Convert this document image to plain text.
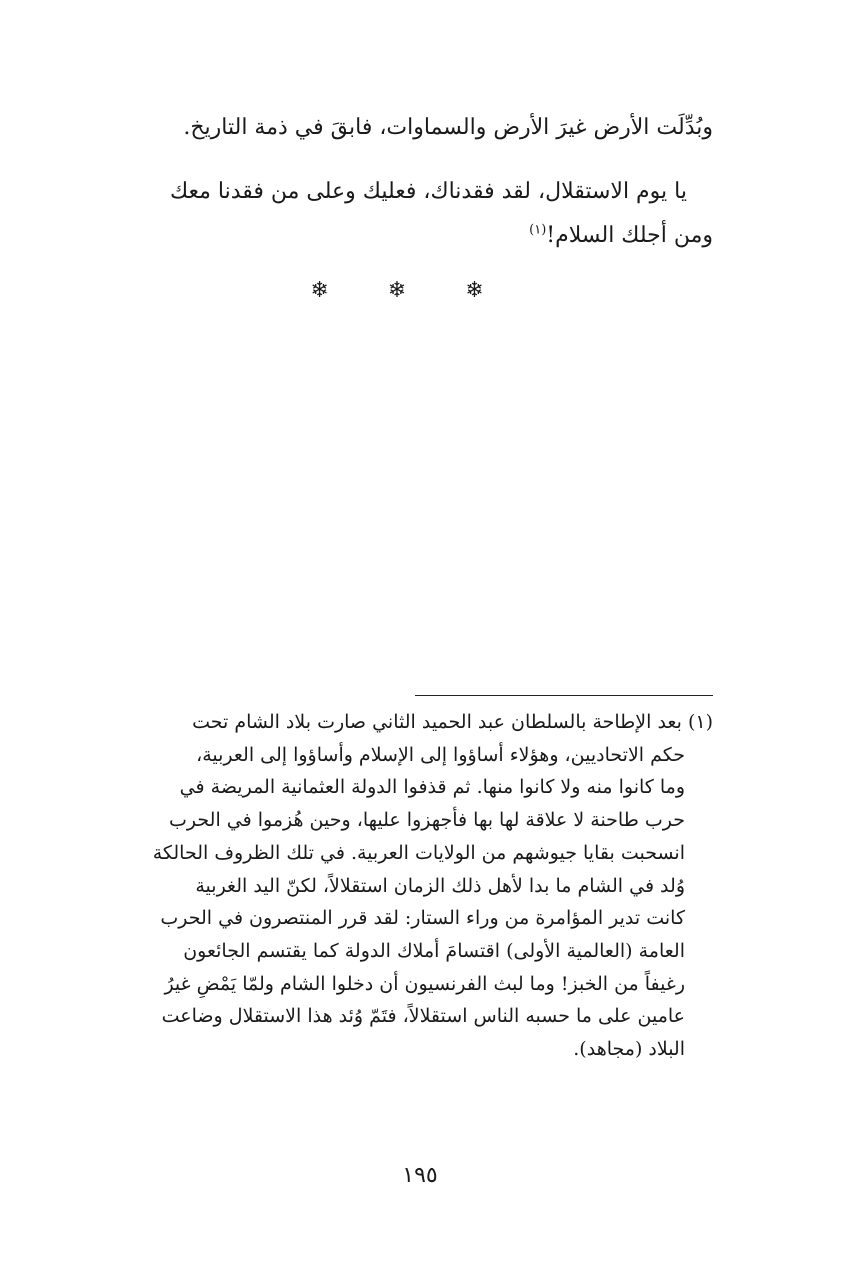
وبُدِّلَت الأرض غيرَ الأرض والسماوات، فابقَ في ذمة التاريخ.

يا يوم الاستقلال، لقد فقدناك، فعليك وعلى من فقدنا معك
ومن أجلك السلام!$^{(١)}$

❄ ❄ ❄

(١) بعد الإطاحة بالسلطان عبد الحميد الثاني صارت بلاد الشام تحت
حكم الاتحاديين، وهؤلاء أساؤوا إلى الإسلام وأساؤوا إلى العربية،
وما كانوا منه ولا كانوا منها. ثم قذفوا الدولة العثمانية المريضة في
حرب طاحنة لا علاقة لها بها فأجهزوا عليها، وحين هُزموا في الحرب
انسحبت بقايا جيوشهم من الولايات العربية. في تلك الظروف الحالكة
وُلد في الشام ما بدا لأهل ذلك الزمان استقلالاً، لكنّ اليد الغربية
كانت تدير المؤامرة من وراء الستار: لقد قرر المنتصرون في الحرب
العامة (العالمية الأولى) اقتسامَ أملاك الدولة كما يقتسم الجائعون
رغيفاً من الخبز! وما لبث الفرنسيون أن دخلوا الشام ولمّا يَمْضِ غيرُ
عامين على ما حسبه الناس استقلالاً، فتَمّ وُئد هذا الاستقلال وضاعت
البلاد (مجاهد).

١٩٥
